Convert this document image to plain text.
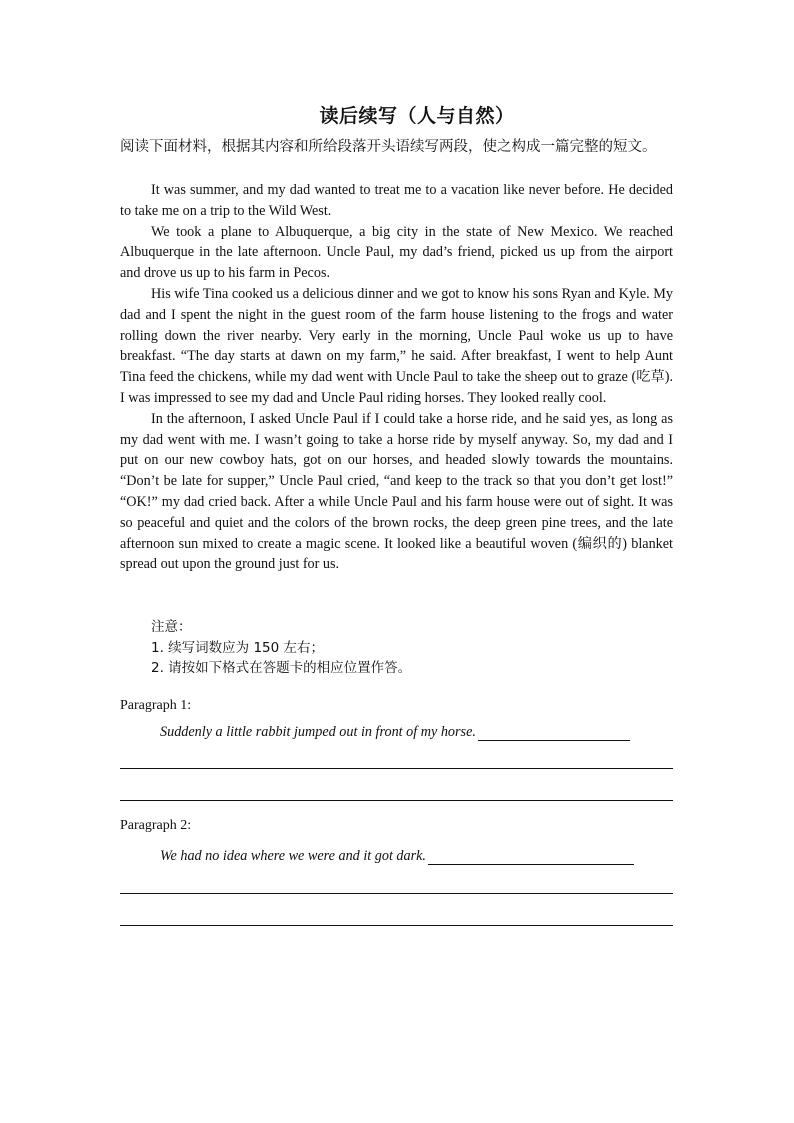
读后续写（人与自然）
阅读下面材料，根据其内容和所给段落开头语续写两段，使之构成一篇完整的短文。

It was summer, and my dad wanted to treat me to a vacation like never before. He decided to take me on a trip to the Wild West.

We took a plane to Albuquerque, a big city in the state of New Mexico. We reached Albuquerque in the late afternoon. Uncle Paul, my dad’s friend, picked us up from the airport and drove us up to his farm in Pecos.

His wife Tina cooked us a delicious dinner and we got to know his sons Ryan and Kyle. My dad and I spent the night in the guest room of the farm house listening to the frogs and water rolling down the river nearby. Very early in the morning, Uncle Paul woke us up to have breakfast. “The day starts at dawn on my farm,” he said. After breakfast, I went to help Aunt Tina feed the chickens, while my dad went with Uncle Paul to take the sheep out to graze (吃草). I was impressed to see my dad and Uncle Paul riding horses. They looked really cool.

In the afternoon, I asked Uncle Paul if I could take a horse ride, and he said yes, as long as my dad went with me. I wasn’t going to take a horse ride by myself anyway. So, my dad and I put on our new cowboy hats, got on our horses, and headed slowly towards the mountains. “Don’t be late for supper,” Uncle Paul cried, “and keep to the track so that you don’t get lost!” “OK!” my dad cried back. After a while Uncle Paul and his farm house were out of sight. It was so peaceful and quiet and the colors of the brown rocks, the deep green pine trees, and the late afternoon sun mixed to create a magic scene. It looked like a beautiful woven (编织的) blanket spread out upon the ground just for us.

注意：
1. 续写词数应为 150 左右；
2. 请按如下格式在答题卡的相应位置作答。
Paragraph 1:
Suddenly a little rabbit jumped out in front of my horse.
Paragraph 2:
We had no idea where we were and it got dark.
